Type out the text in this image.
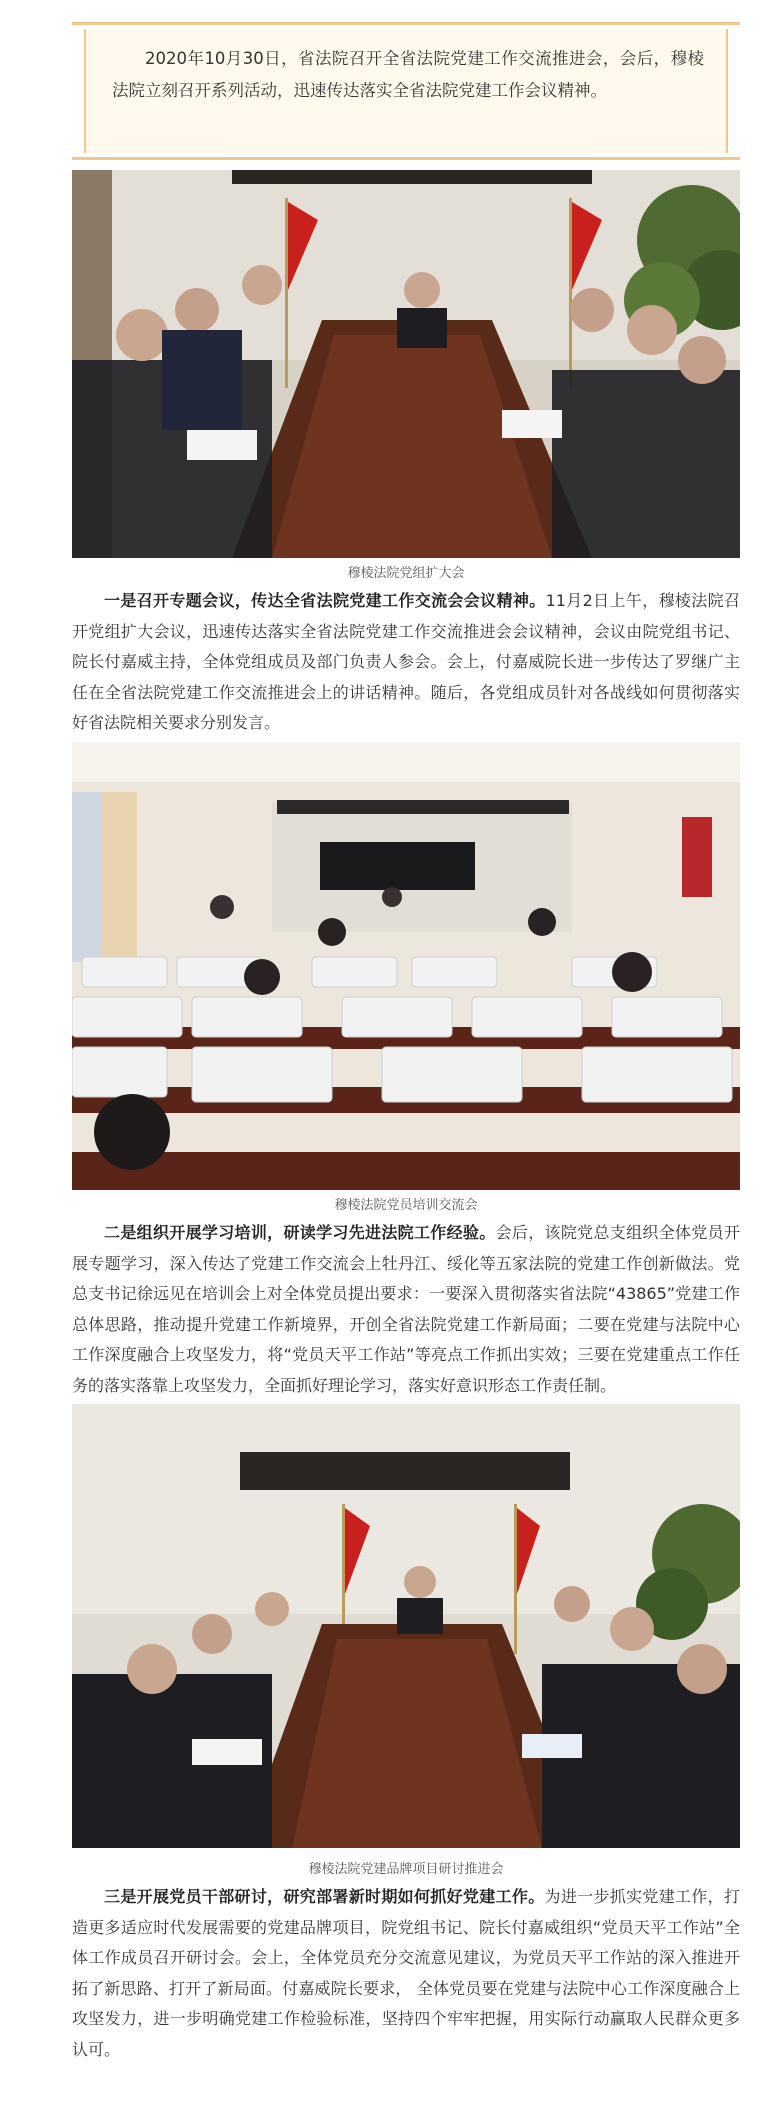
2020年10月30日，省法院召开全省法院党建工作交流推进会，会后，穆棱法院立刻召开系列活动，迅速传达落实全省法院党建工作会议精神。
穆棱法院党组扩大会

一是召开专题会议，传达全省法院党建工作交流会会议精神。11月2日上午，穆棱法院召开党组扩大会议，迅速传达落实全省法院党建工作交流推进会会议精神，会议由院党组书记、院长付嘉威主持，全体党组成员及部门负责人参会。会上，付嘉威院长进一步传达了罗继广主任在全省法院党建工作交流推进会上的讲话精神。随后，各党组成员针对各战线如何贯彻落实好省法院相关要求分别发言。

穆棱法院党员培训交流会

二是组织开展学习培训，研读学习先进法院工作经验。会后，该院党总支组织全体党员开展专题学习，深入传达了党建工作交流会上牡丹江、绥化等五家法院的党建工作创新做法。党总支书记徐远见在培训会上对全体党员提出要求：一要深入贯彻落实省法院“43865”党建工作总体思路，推动提升党建工作新境界，开创全省法院党建工作新局面；二要在党建与法院中心工作深度融合上攻坚发力，将“党员天平工作站”等亮点工作抓出实效；三要在党建重点工作任务的落实落靠上攻坚发力，全面抓好理论学习，落实好意识形态工作责任制。

穆棱法院党建品牌项目研讨推进会

三是开展党员干部研讨，研究部署新时期如何抓好党建工作。为进一步抓实党建工作，打造更多适应时代发展需要的党建品牌项目，院党组书记、院长付嘉威组织“党员天平工作站”全体工作成员召开研讨会。会上，全体党员充分交流意见建议，为党员天平工作站的深入推进开拓了新思路、打开了新局面。付嘉威院长要求， 全体党员要在党建与法院中心工作深度融合上攻坚发力，进一步明确党建工作检验标准，坚持四个牢牢把握，用实际行动赢取人民群众更多认可。
